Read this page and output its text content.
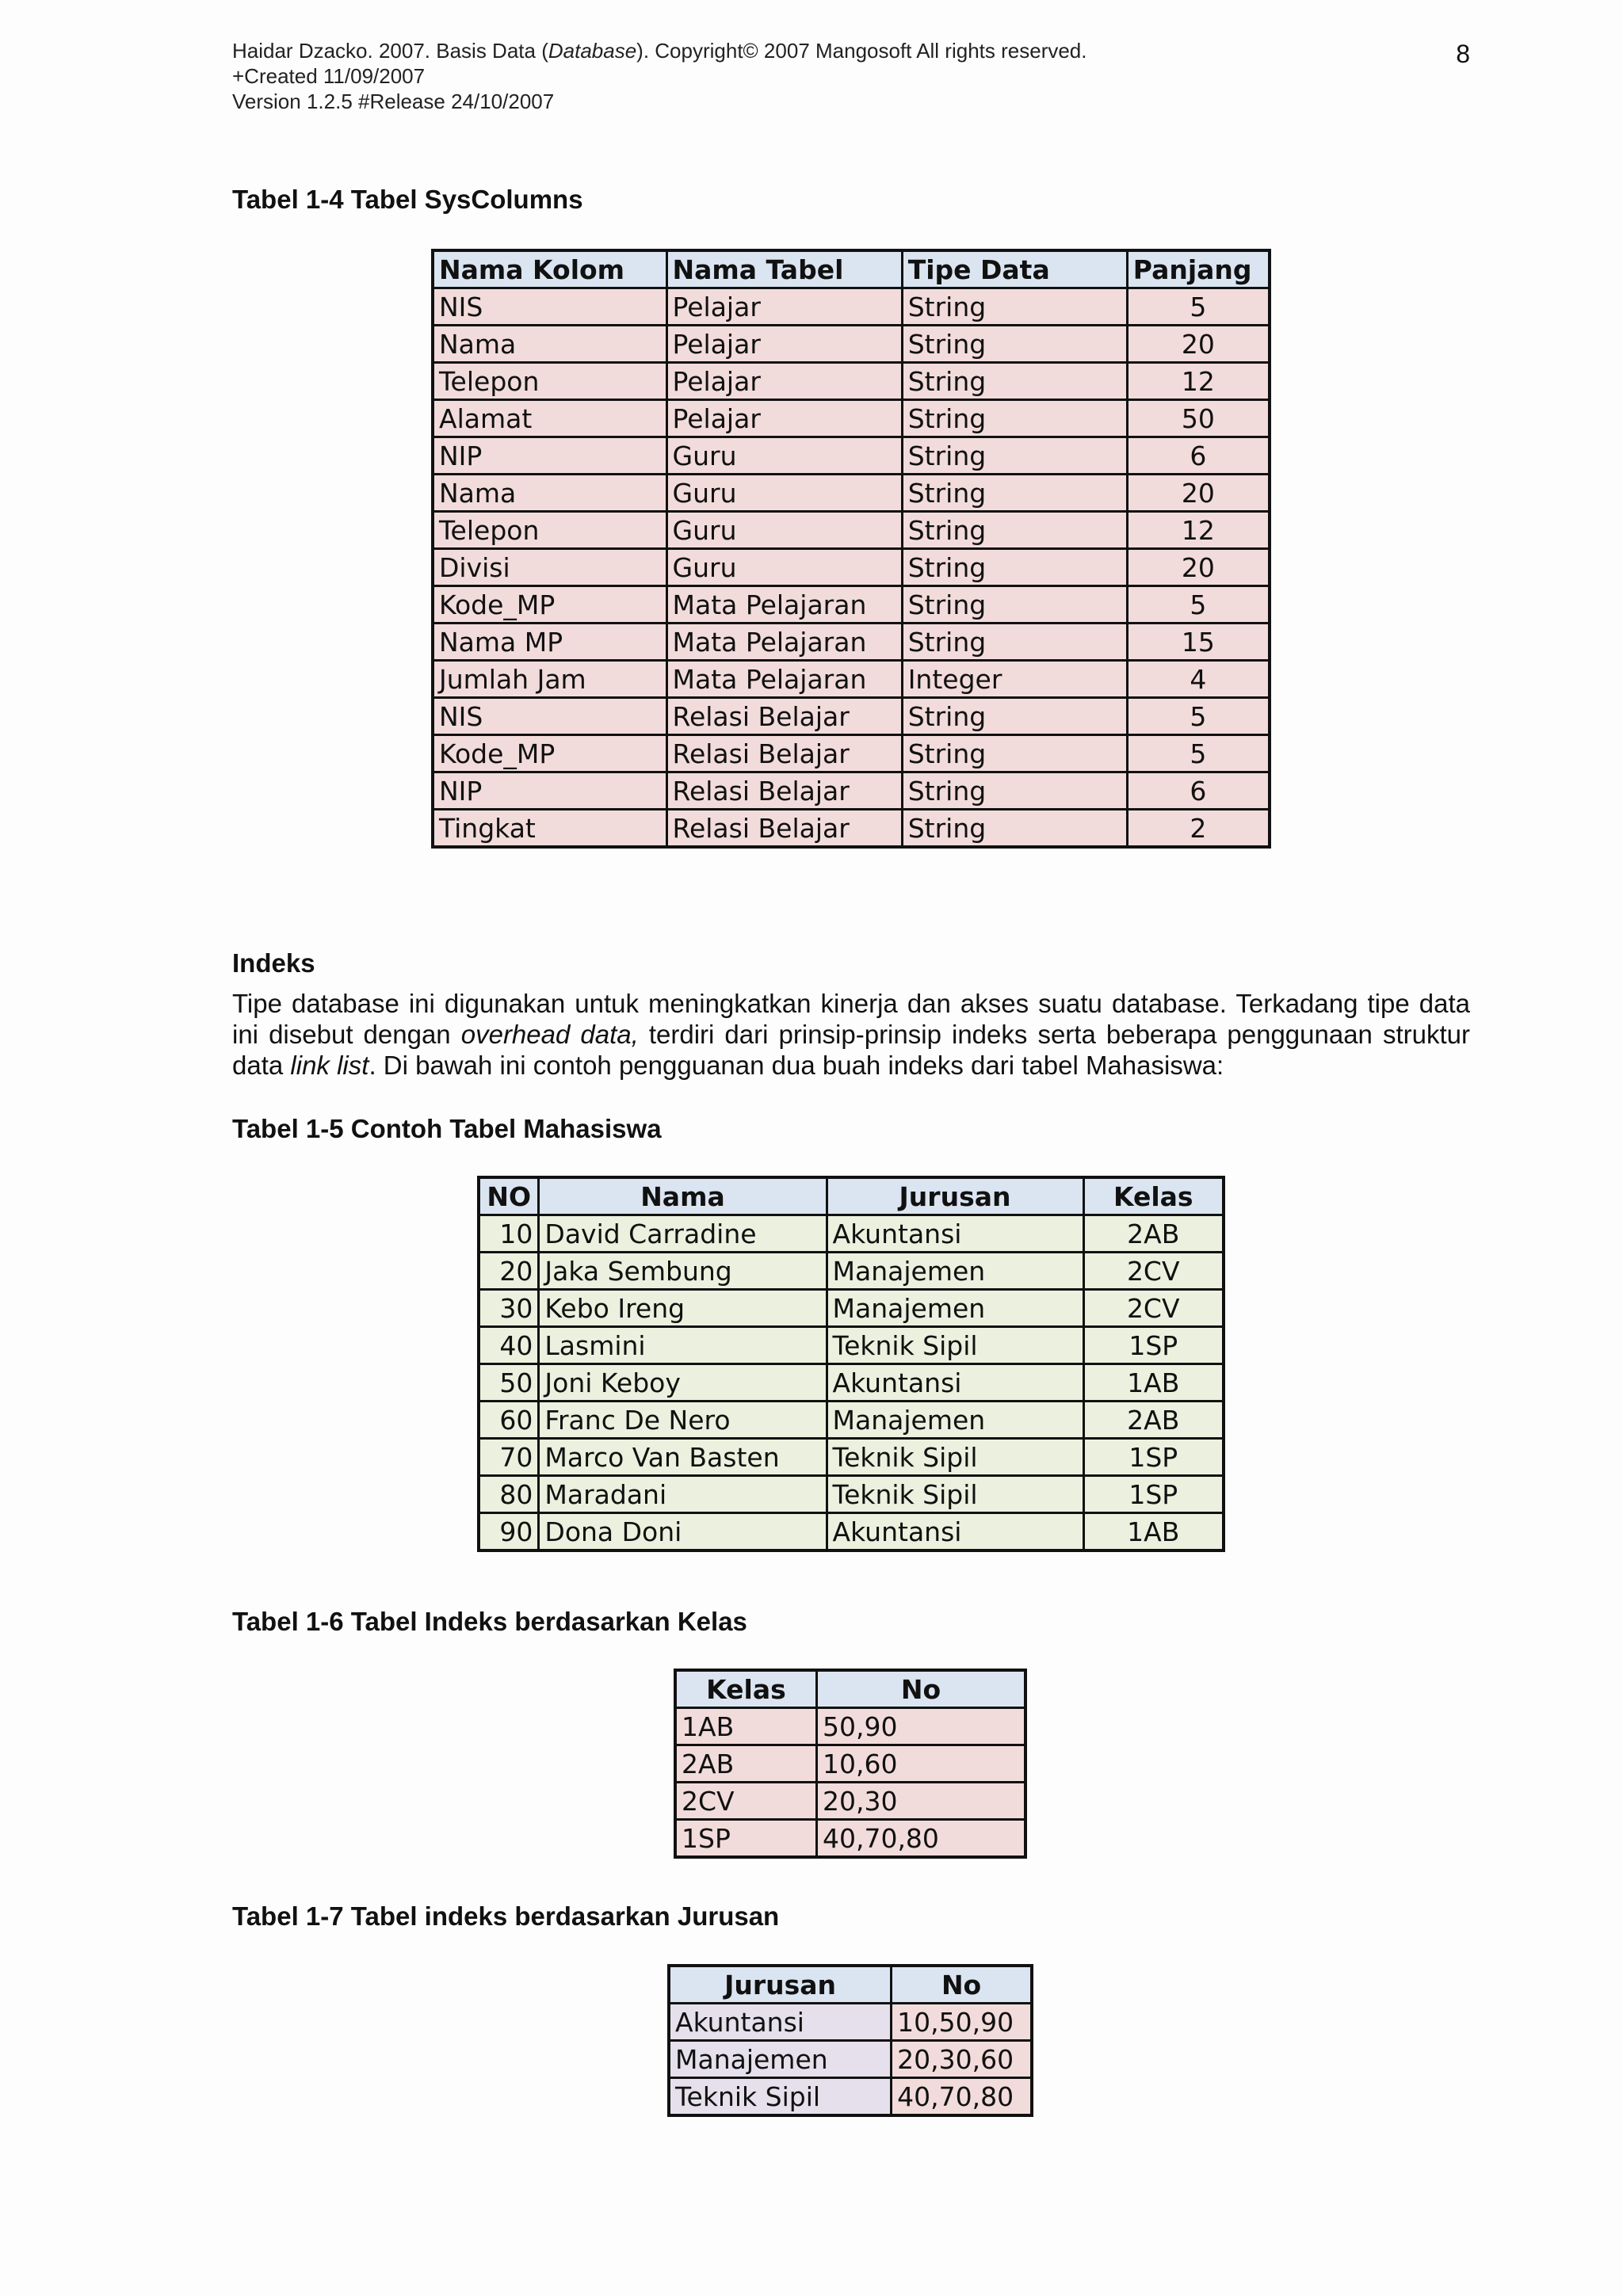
Haidar Dzacko. 2007. Basis Data (Database). Copyright© 2007 Mangosoft All rights reserved.
+Created 11/09/2007
Version 1.2.5 #Release 24/10/2007
8
Tabel 1-4 Tabel SysColumns
Nama Kolom	Nama Tabel	Tipe Data	Panjang
NIS	Pelajar	String	5
Nama	Pelajar	String	20
Telepon	Pelajar	String	12
Alamat	Pelajar	String	50
NIP	Guru	String	6
Nama	Guru	String	20
Telepon	Guru	String	12
Divisi	Guru	String	20
Kode_MP	Mata Pelajaran	String	5
Nama MP	Mata Pelajaran	String	15
Jumlah Jam	Mata Pelajaran	Integer	4
NIS	Relasi Belajar	String	5
Kode_MP	Relasi Belajar	String	5
NIP	Relasi Belajar	String	6
Tingkat	Relasi Belajar	String	2
Indeks
Tipe database ini digunakan untuk meningkatkan kinerja dan akses suatu database. Terkadang tipe data ini disebut dengan overhead data, terdiri dari prinsip-prinsip indeks serta beberapa penggunaan struktur data link list. Di bawah ini contoh pengguanan dua buah indeks dari tabel Mahasiswa:
Tabel 1-5 Contoh Tabel Mahasiswa
NO	Nama	Jurusan	Kelas
10	David Carradine	Akuntansi	2AB
20	Jaka Sembung	Manajemen	2CV
30	Kebo Ireng	Manajemen	2CV
40	Lasmini	Teknik Sipil	1SP
50	Joni Keboy	Akuntansi	1AB
60	Franc De Nero	Manajemen	2AB
70	Marco Van Basten	Teknik Sipil	1SP
80	Maradani	Teknik Sipil	1SP
90	Dona Doni	Akuntansi	1AB
Tabel 1-6 Tabel Indeks berdasarkan Kelas
Kelas	No
1AB	50,90
2AB	10,60
2CV	20,30
1SP	40,70,80
Tabel 1-7 Tabel indeks berdasarkan Jurusan
Jurusan	No
Akuntansi	10,50,90
Manajemen	20,30,60
Teknik Sipil	40,70,80
